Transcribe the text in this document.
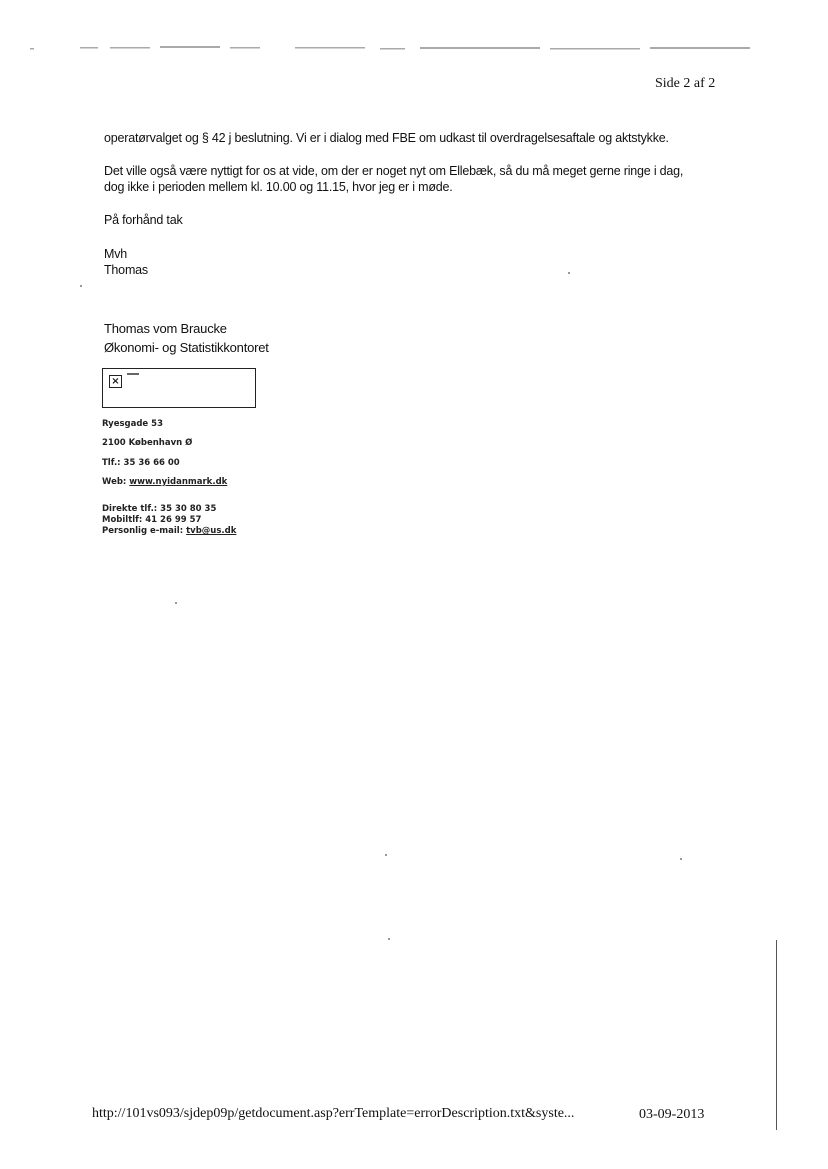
Side 2 af 2
operatørvalget og § 42 j beslutning. Vi er i dialog med FBE om udkast til overdragelsesaftale og aktstykke.
Det ville også være nyttigt for os at vide, om der er noget nyt om Ellebæk, så du må meget gerne ringe i dag,
dog ikke i perioden mellem kl. 10.00 og 11.15, hvor jeg er i møde.
På forhånd tak
Mvh
Thomas
Thomas vom Braucke
Økonomi- og Statistikkontoret
×
Ryesgade 53
2100 København Ø
Tlf.: 35 36 66 00
Web: www.nyidanmark.dk
Direkte tlf.: 35 30 80 35
Mobiltlf: 41 26 99 57
Personlig e-mail: tvb@us.dk
http://101vs093/sjdep09p/getdocument.asp?errTemplate=errorDescription.txt&syste...	03-09-2013
